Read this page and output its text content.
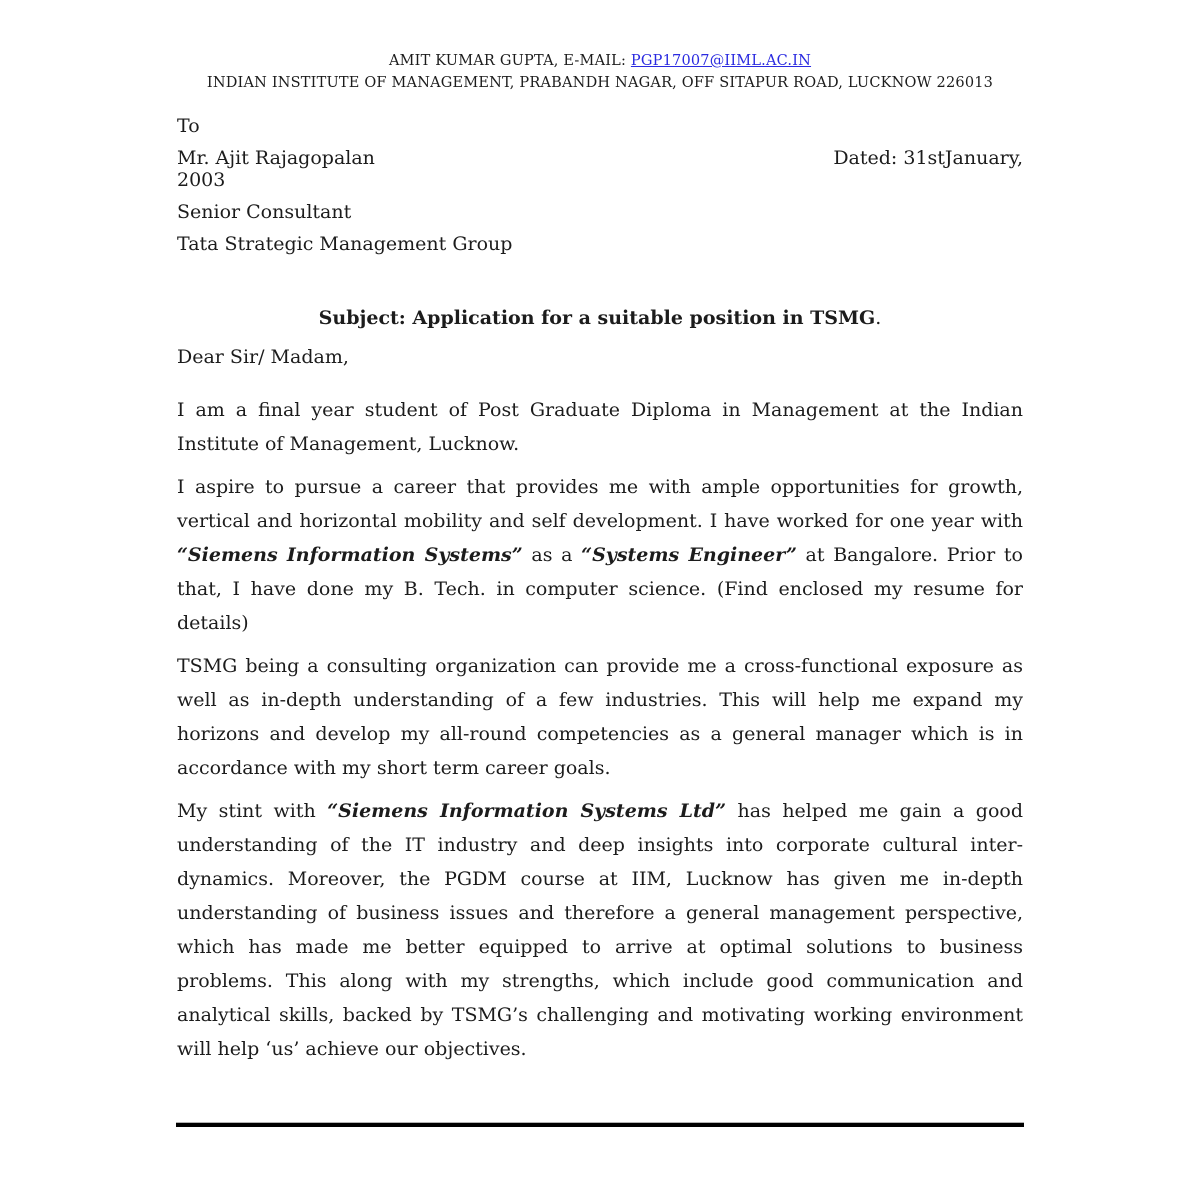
AMIT KUMAR GUPTA, E-MAIL: PGP17007@IIML.AC.IN
INDIAN INSTITUTE OF MANAGEMENT, PRABANDH NAGAR, OFF SITAPUR ROAD, LUCKNOW 226013
To
Mr. Ajit Rajagopalan	Dated: 31stJanuary,
2003
Senior Consultant
Tata Strategic Management Group
Subject: Application for a suitable position in TSMG.
Dear Sir/ Madam,
I am a final year student of Post Graduate Diploma in Management at the Indian Institute of Management, Lucknow.
I aspire to pursue a career that provides me with ample opportunities for growth, vertical and horizontal mobility and self development. I have worked for one year with “Siemens Information Systems” as a “Systems Engineer” at Bangalore. Prior to that, I have done my B. Tech. in computer science. (Find enclosed my resume for details)
TSMG being a consulting organization can provide me a cross-functional exposure as well as in-depth understanding of a few industries. This will help me expand my horizons and develop my all-round competencies as a general manager which is in accordance with my short term career goals.
My stint with “Siemens Information Systems Ltd” has helped me gain a good understanding of the IT industry and deep insights into corporate cultural inter-dynamics. Moreover, the PGDM course at IIM, Lucknow has given me in-depth understanding of business issues and therefore a general management perspective, which has made me better equipped to arrive at optimal solutions to business problems. This along with my strengths, which include good communication and analytical skills, backed by TSMG’s challenging and motivating working environment will help ‘us’ achieve our objectives.
